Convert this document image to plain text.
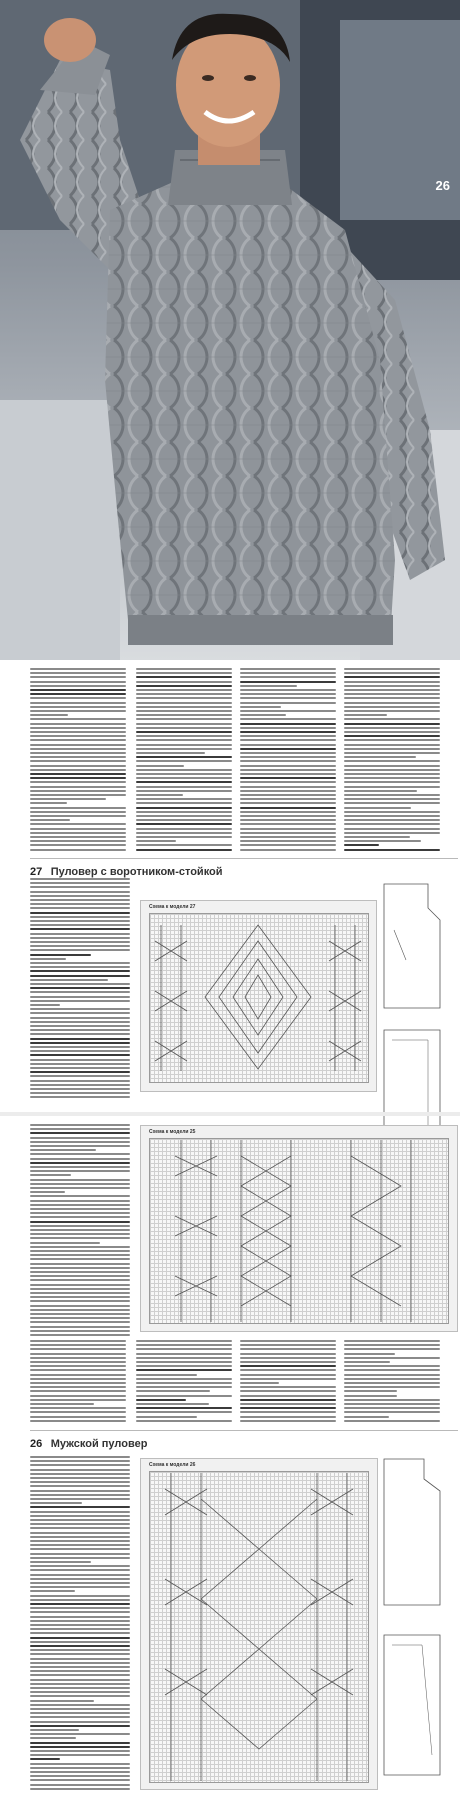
26
27 Пуловер с воротником-стойкой
Схема к модели 27
Схема к модели 25
26 Мужской пуловер
Схема к модели 26
